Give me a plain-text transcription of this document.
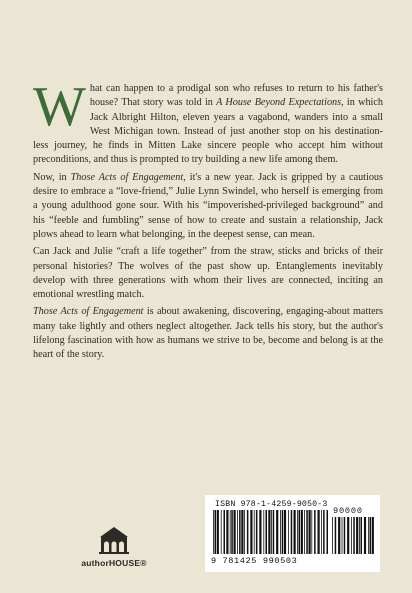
What can happen to a prodigal son who refuses to return to his father's house? That story was told in A House Beyond Expectations, in which Jack Albright Hilton, eleven years a vagabond, wanders into a small West Michigan town. Instead of just another stop on his destination-less journey, he finds in Mitten Lake sincere people who accept him without preconditions, and thus is prompted to try building a new life among them.

Now, in Those Acts of Engagement, it's a new year. Jack is gripped by a cautious desire to embrace a “love-friend,” Julie Lynn Swindel, who herself is emerging from a young adulthood gone sour. With his “impoverished-privileged background” and his “feeble and fumbling” sense of how to create and sustain a relationship, Jack plows ahead to learn what belonging, in the deepest sense, can mean.

Can Jack and Julie “craft a life together” from the straw, sticks and bricks of their personal histories? The wolves of the past show up. Entanglements inevitably develop with three generations with whom their lives are connected, inciting an emotional wrestling match.

Those Acts of Engagement is about awakening, discovering, engaging-about matters many take lightly and others neglect altogether. Jack tells his story, but the author's lifelong fascination with how as humans we strive to be, become and belong is at the heart of the story.

authorHOUSE®
ISBN 978-1-4259-9050-3
90000
9 781425 990503
